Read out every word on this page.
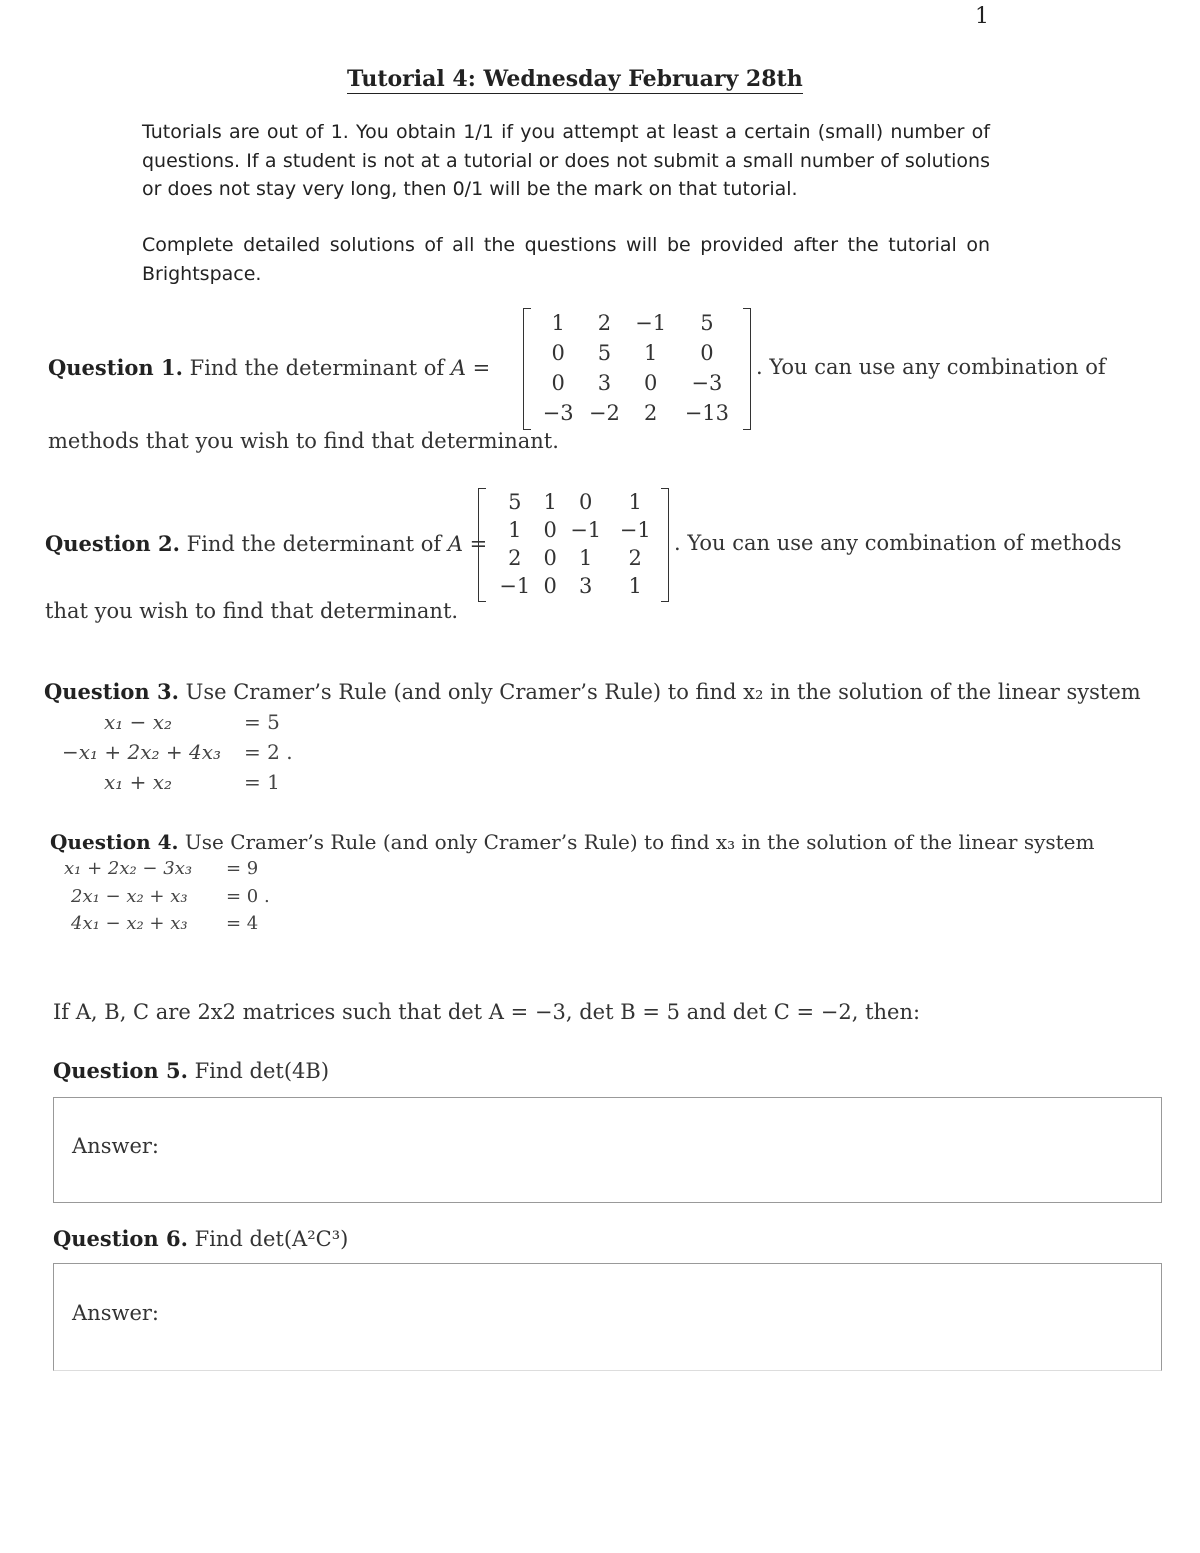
1
Tutorial 4: Wednesday February 28th
Tutorials are out of 1. You obtain 1/1 if you attempt at least a certain (small) number of questions. If a student is not at a tutorial or does not submit a small number of solutions or does not stay very long, then 0/1 will be the mark on that tutorial.
Complete detailed solutions of all the questions will be provided after the tutorial on Brightspace.
Question 1. Find the determinant of A =
1	2	−1	5
0	5	1	0
0	3	0	−3
−3	−2	2	−13
. You can use any combination of
methods that you wish to find that determinant.
Question 2. Find the determinant of A =
5	1	0	1
1	0	−1	−1
2	0	1	2
−1	0	3	1
. You can use any combination of methods
that you wish to find that determinant.
Question 3. Use Cramer’s Rule (and only Cramer’s Rule) to find x₂ in the solution of the linear system
x₁ − x₂	= 5
−x₁ + 2x₂ + 4x₃ = 2 .
x₁ + x₂	= 1
Question 4. Use Cramer’s Rule (and only Cramer’s Rule) to find x₃ in the solution of the linear system
x₁ + 2x₂ − 3x₃ = 9
2x₁ − x₂ + x₃ = 0 .
4x₁ − x₂ + x₃ = 4
If A, B, C are 2x2 matrices such that det A = −3, det B = 5 and det C = −2, then:
Question 5. Find det(4B)
Answer:
Question 6. Find det(A²C³)
Answer:
